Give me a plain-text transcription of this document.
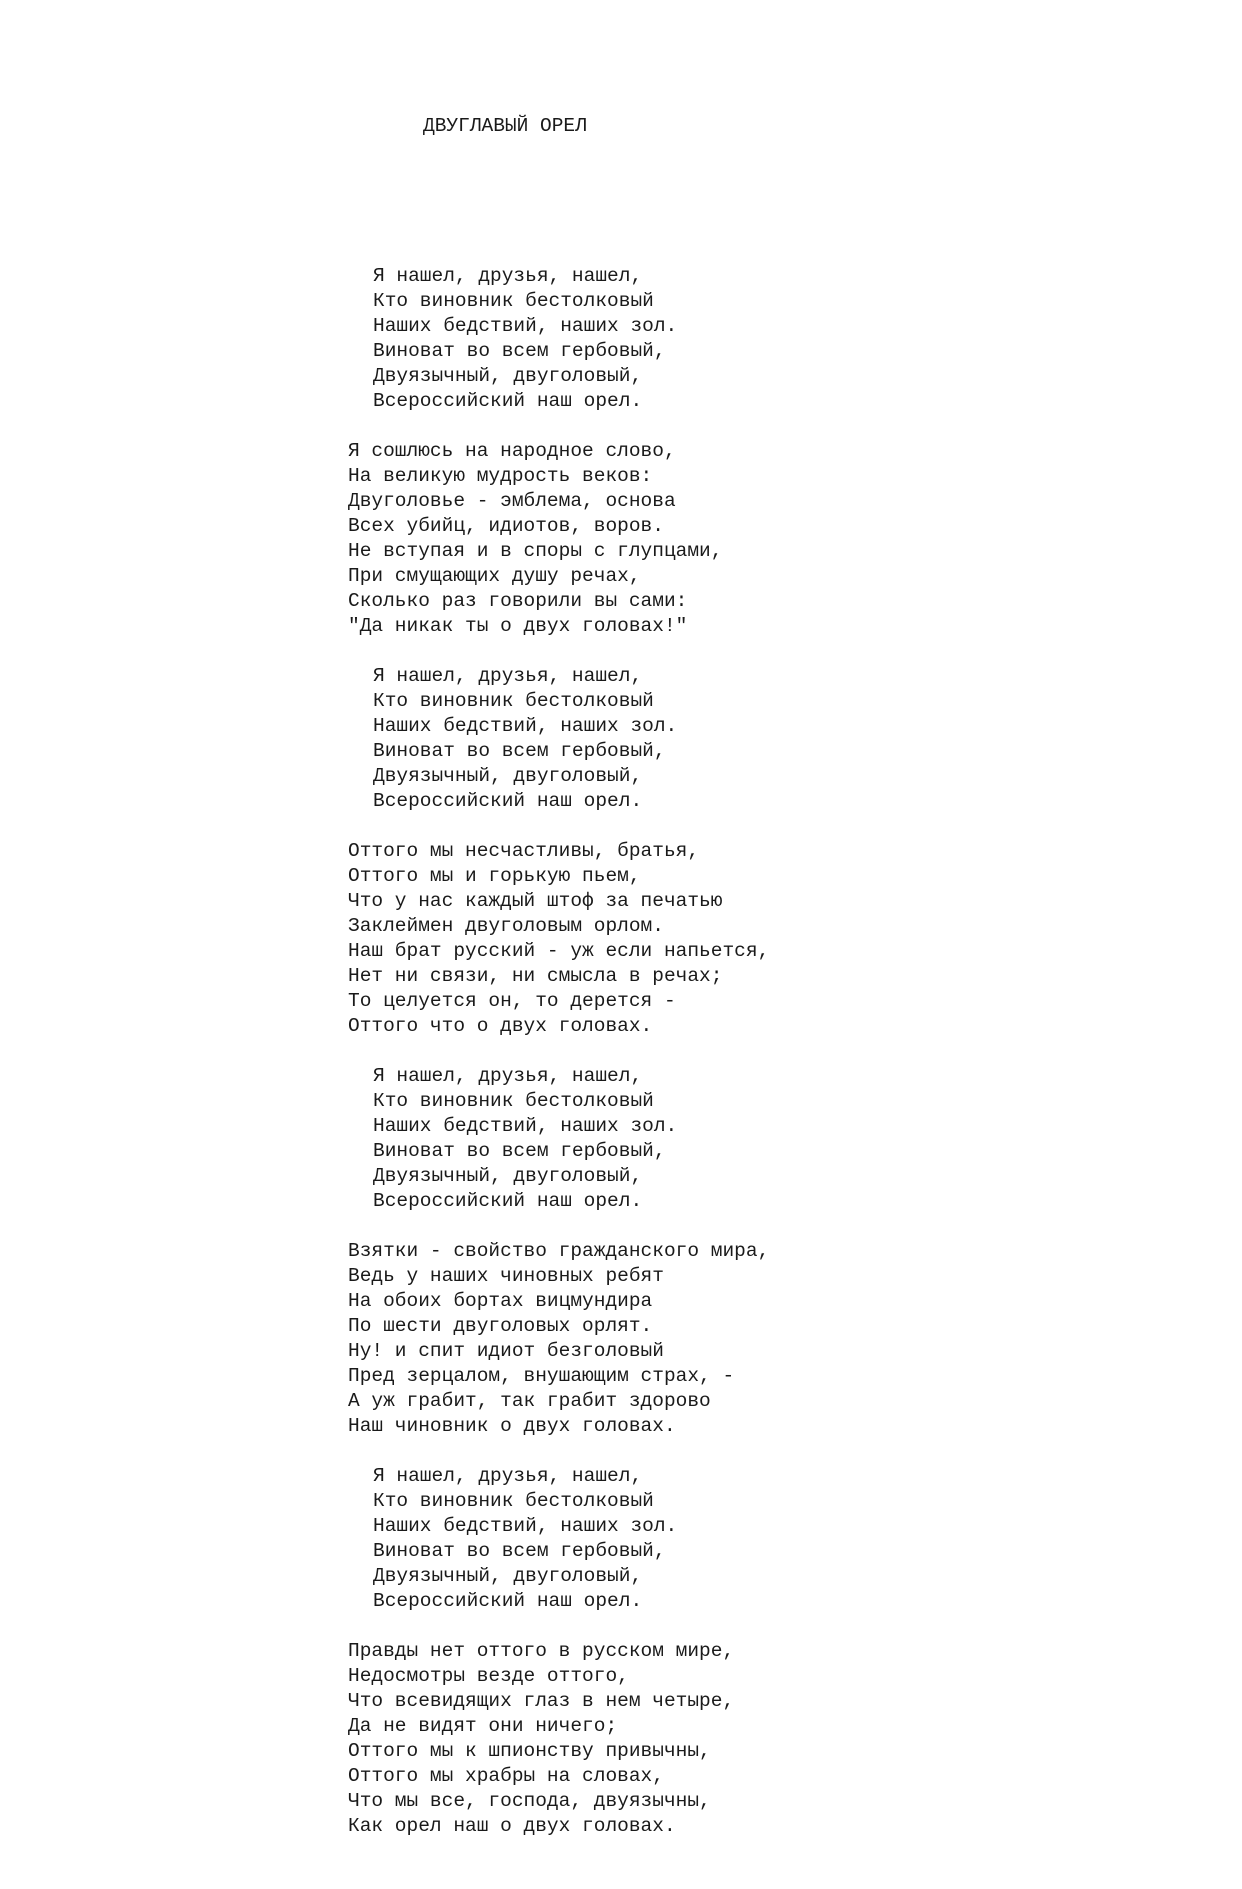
ДВУГЛАВЫЙ ОРЕЛ

Я нашел, друзья, нашел,
Кто виновник бестолковый
Наших бедствий, наших зол.
Виноват во всем гербовый,
Двуязычный, двуголовый,
Всероссийский наш орел.
Я сошлюсь на народное слово,
На великую мудрость веков:
Двуголовье - эмблема, основа
Всех убийц, идиотов, воров.
Не вступая и в споры с глупцами,
При смущающих душу речах,
Сколько раз говорили вы сами:
"Да никак ты о двух головах!"
Я нашел, друзья, нашел,
Кто виновник бестолковый
Наших бедствий, наших зол.
Виноват во всем гербовый,
Двуязычный, двуголовый,
Всероссийский наш орел.
Оттого мы несчастливы, братья,
Оттого мы и горькую пьем,
Что у нас каждый штоф за печатью
Заклеймен двуголовым орлом.
Наш брат русский - уж если напьется,
Нет ни связи, ни смысла в речах;
То целуется он, то дерется -
Оттого что о двух головах.
Я нашел, друзья, нашел,
Кто виновник бестолковый
Наших бедствий, наших зол.
Виноват во всем гербовый,
Двуязычный, двуголовый,
Всероссийский наш орел.
Взятки - свойство гражданского мира,
Ведь у наших чиновных ребят
На обоих бортах вицмундира
По шести двуголовых орлят.
Ну! и спит идиот безголовый
Пред зерцалом, внушающим страх, -
А уж грабит, так грабит здорово
Наш чиновник о двух головах.
Я нашел, друзья, нашел,
Кто виновник бестолковый
Наших бедствий, наших зол.
Виноват во всем гербовый,
Двуязычный, двуголовый,
Всероссийский наш орел.
Правды нет оттого в русском мире,
Недосмотры везде оттого,
Что всевидящих глаз в нем четыре,
Да не видят они ничего;
Оттого мы к шпионству привычны,
Оттого мы храбры на словах,
Что мы все, господа, двуязычны,
Как орел наш о двух головах.
